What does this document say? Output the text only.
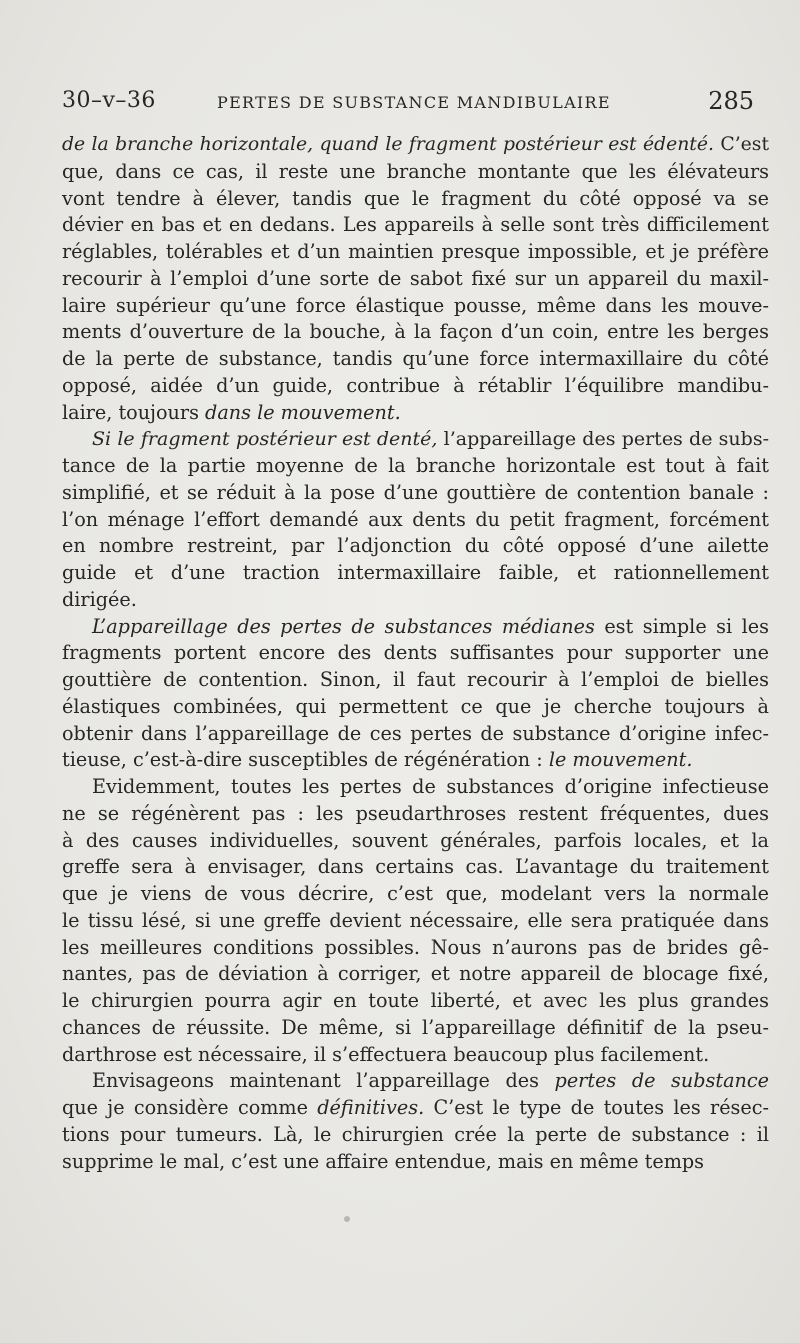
30–v–36	PERTES DE SUBSTANCE MANDIBULAIRE	285
de la branche horizontale, quand le fragment postérieur est édenté. C’est
que, dans ce cas, il reste une branche montante que les élévateurs
vont tendre à élever, tandis que le fragment du côté opposé va se
dévier en bas et en dedans. Les appareils à selle sont très difficilement
réglables, tolérables et d’un maintien presque impossible, et je préfère
recourir à l’emploi d’une sorte de sabot fixé sur un appareil du maxil-
laire supérieur qu’une force élastique pousse, même dans les mouve-
ments d’ouverture de la bouche, à la façon d’un coin, entre les berges
de la perte de substance, tandis qu’une force intermaxillaire du côté
opposé, aidée d’un guide, contribue à rétablir l’équilibre mandibu-
laire, toujours dans le mouvement.
Si le fragment postérieur est denté, l’appareillage des pertes de subs-
tance de la partie moyenne de la branche horizontale est tout à fait
simplifié, et se réduit à la pose d’une gouttière de contention banale :
l’on ménage l’effort demandé aux dents du petit fragment, forcément
en nombre restreint, par l’adjonction du côté opposé d’une ailette
guide et d’une traction intermaxillaire faible, et rationnellement
dirigée.
L’appareillage des pertes de substances médianes est simple si les
fragments portent encore des dents suffisantes pour supporter une
gouttière de contention. Sinon, il faut recourir à l’emploi de bielles
élastiques combinées, qui permettent ce que je cherche toujours à
obtenir dans l’appareillage de ces pertes de substance d’origine infec-
tieuse, c’est-à-dire susceptibles de régénération : le mouvement.
Evidemment, toutes les pertes de substances d’origine infectieuse
ne se régénèrent pas : les pseudarthroses restent fréquentes, dues
à des causes individuelles, souvent générales, parfois locales, et la
greffe sera à envisager, dans certains cas. L’avantage du traitement
que je viens de vous décrire, c’est que, modelant vers la normale
le tissu lésé, si une greffe devient nécessaire, elle sera pratiquée dans
les meilleures conditions possibles. Nous n’aurons pas de brides gê-
nantes, pas de déviation à corriger, et notre appareil de blocage fixé,
le chirurgien pourra agir en toute liberté, et avec les plus grandes
chances de réussite. De même, si l’appareillage définitif de la pseu-
darthrose est nécessaire, il s’effectuera beaucoup plus facilement.
Envisageons maintenant l’appareillage des pertes de substance
que je considère comme définitives. C’est le type de toutes les résec-
tions pour tumeurs. Là, le chirurgien crée la perte de substance : il
supprime le mal, c’est une affaire entendue, mais en même temps
